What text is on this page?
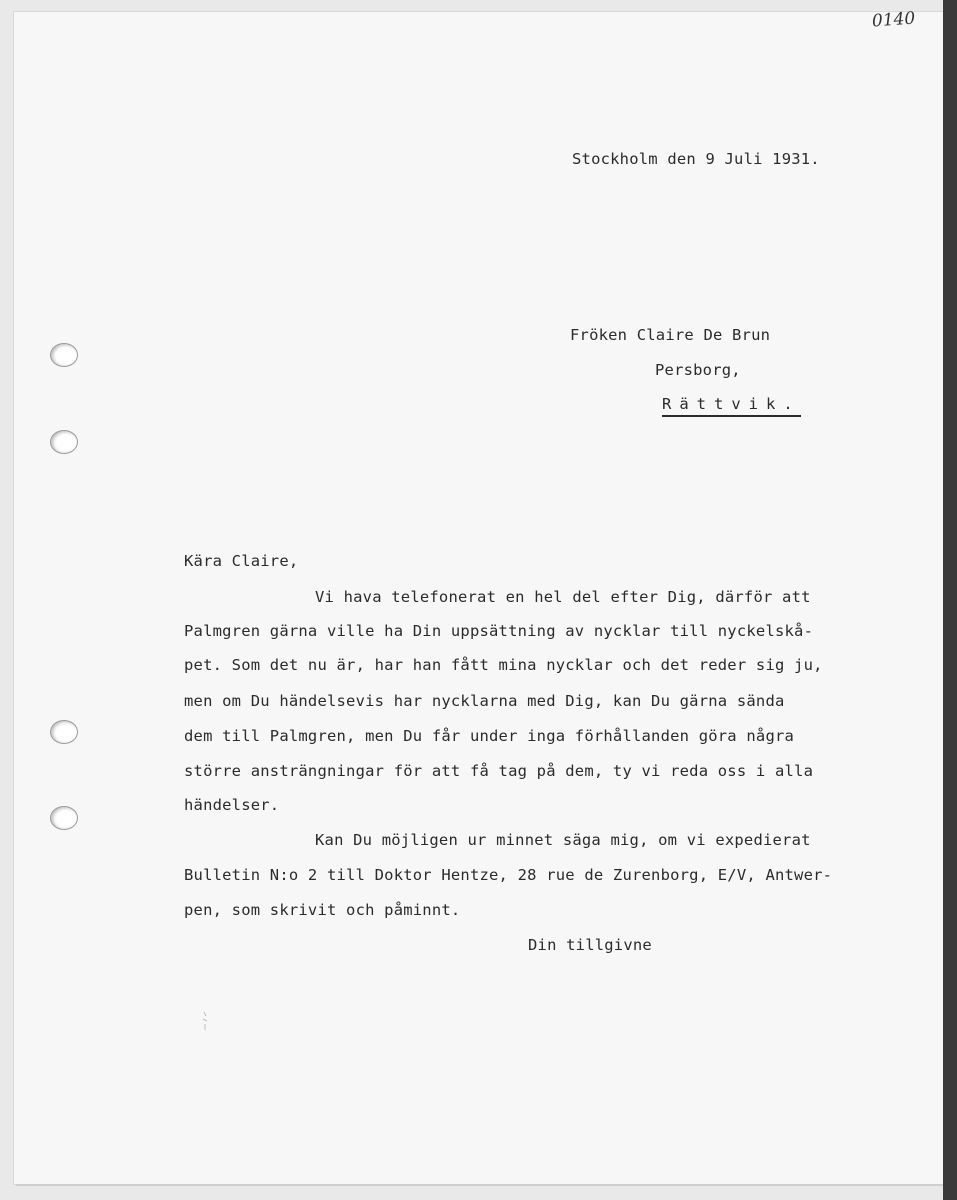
0140
Stockholm den 9 Juli 1931.
Fröken Claire De Brun
Persborg,
Rättvik.
Kära Claire,
Vi hava telefonerat en hel del efter Dig, därför att
Palmgren gärna ville ha Din uppsättning av nycklar till nyckelskå-
pet. Som det nu är, har han fått mina nycklar och det reder sig ju,
men om Du händelsevis har nycklarna med Dig, kan Du gärna sända
dem till Palmgren, men Du får under inga förhållanden göra några
större ansträngningar för att få tag på dem, ty vi reda oss i alla
händelser.
Kan Du möjligen ur minnet säga mig, om vi expedierat
Bulletin N:o 2 till Doktor Hentze, 28 rue de Zurenborg, E/V, Antwer-
pen, som skrivit och påminnt.
Din tillgivne
